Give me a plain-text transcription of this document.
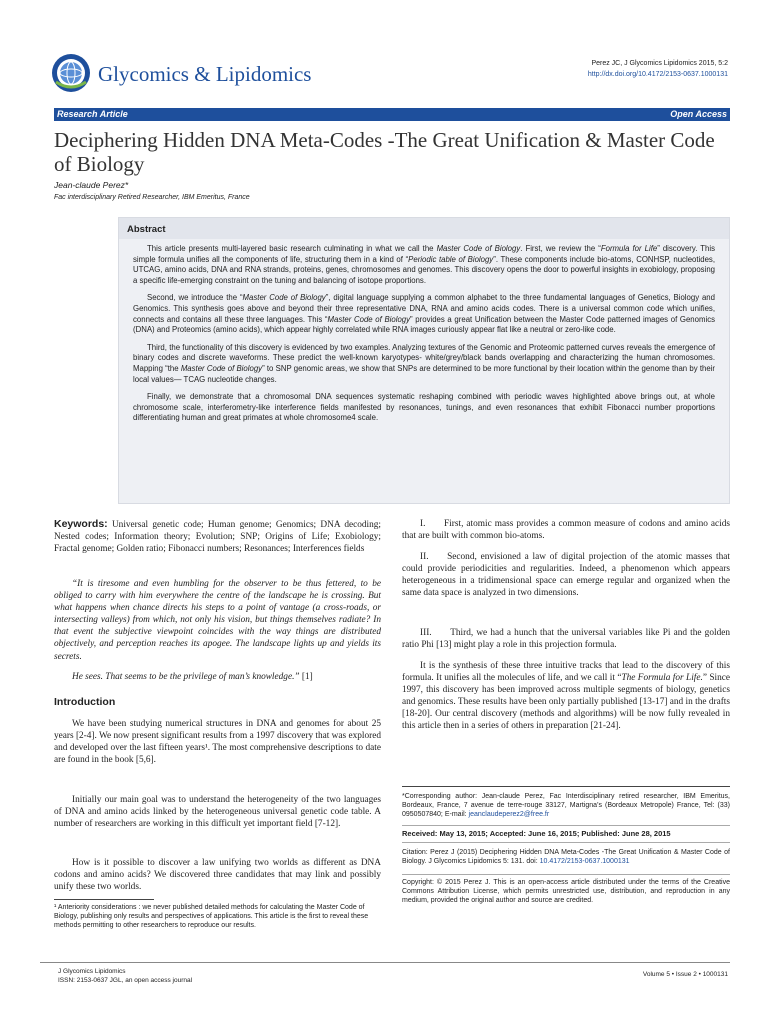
Glycomics & Lipidomics	Perez JC, J Glycomics Lipidomics 2015, 5:2
http://dx.doi.org/10.4172/2153-0637.1000131
Research Article	Open Access
Deciphering Hidden DNA Meta-Codes -The Great Unification & Master Code of Biology
Jean-claude Perez*
Fac interdisciplinary Retired Researcher, IBM Emeritus, France
Abstract

This article presents multi-layered basic research culminating in what we call the Master Code of Biology. First, we review the “Formula for Life” discovery. This simple formula unifies all the components of life, structuring them in a kind of “Periodic table of Biology”. These components include bio-atoms, CONHSP, nucleotides, UTCAG, amino acids, DNA and RNA strands, proteins, genes, chromosomes and genomes. This discovery opens the door to powerful insights in exobiology, proposing a specific life-emerging constraint on the tuning and balancing of isotope proportions.

Second, we introduce the “Master Code of Biology”, digital language supplying a common alphabet to the three fundamental languages of Genetics, Biology and Genomics. This synthesis goes above and beyond their three representative DNA, RNA and amino acids codes. There is a universal common code which unifies, connects and contains all these three languages. This “Master Code of Biology” provides a great Unification between the Master Code patterned images of Genomics (DNA) and Proteomics (amino acids), which appear highly correlated while RNA images curiously appear flat like a neutral or zero-like code.

Third, the functionality of this discovery is evidenced by two examples. Analyzing textures of the Genomic and Proteomic patterned curves reveals the emergence of binary codes and discrete waveforms. These predict the well-known karyotypes- white/grey/black bands overlapping and characterizing the human chromosomes. Mapping “the Master Code of Biology” to SNP genomic areas, we show that SNPs are determined to be more functional by their location within the genome than by their local values— TCAG nucleotide changes.

Finally, we demonstrate that a chromosomal DNA sequences systematic reshaping combined with periodic waves highlighted above brings out, at whole chromosome scale, interferometry-like interference fields manifested by resonances, tunings, and even resonances that exhibit Fibonacci number proportions differentiating human and great primates at whole chromosome4 scale.

Keywords: Universal genetic code; Human genome; Genomics; DNA decoding; Nested codes; Information theory; Evolution; SNP; Origins of Life; Exobiology; Fractal genome; Golden ratio; Fibonacci numbers; Resonances; Interferences fields

“It is tiresome and even humbling for the observer to be thus fettered, to be obliged to carry with him everywhere the centre of the landscape he is crossing. But what happens when chance directs his steps to a point of vantage (a cross-roads, or intersecting valleys) from which, not only his vision, but things themselves radiate? In that event the subjective viewpoint coincides with the way things are distributed objectively, and perception reaches its apogee. The landscape lights up and yields its secrets.

He sees. That seems to be the privilege of man’s knowledge.” [1]

Introduction

We have been studying numerical structures in DNA and genomes for about 25 years [2-4]. We now present significant results from a 1997 discovery that was explored and developed over the last fifteen years¹. The most comprehensive descriptions to date are found in the book [5,6].

Initially our main goal was to understand the heterogeneity of the two languages of DNA and amino acids linked by the heterogeneous universal genetic code table. A number of researchers are working in this difficult yet important field [7-12].

How is it possible to discover a law unifying two worlds as different as DNA codons and amino acids? We discovered three candidates that may link and possibly unify these two worlds.

¹ Anteriority considerations : we never published detailed methods for calculating the Master Code of Biology, publishing only results and perspectives of applications. This article is the first to reveal these methods permitting to other researchers to reproduce our results.

I.  First, atomic mass provides a common measure of codons and amino acids that are built with common bio-atoms.

II.  Second, envisioned a law of digital projection of the atomic masses that could provide periodicities and regularities. Indeed, a phenomenon which appears heterogeneous in a tridimensional space can emerge regular and organized when the same data space is analyzed in two dimensions.

III.  Third, we had a hunch that the universal variables like Pi and the golden ratio Phi [13] might play a role in this projection formula.

It is the synthesis of these three intuitive tracks that lead to the discovery of this formula. It unifies all the molecules of life, and we call it “The Formula for Life.” Since 1997, this discovery has been improved across multiple segments of biology, genetics and genomics. These results have been only partially published [13-17] and in the drafts [18-20]. Our central discovery (methods and algorithms) will be now fully revealed in this article then in a series of others in preparation [21-24].

*Corresponding author: Jean-claude Perez, Fac Interdisciplinary retired researcher, IBM Emeritus, Bordeaux, France, 7 avenue de terre-rouge 33127, Martigna’s (Bordeaux Metropole) France, Tel: (33) 0950507840; E-mail: jeanclaudeperez2@free.fr
Received: May 13, 2015; Accepted: June 16, 2015; Published: June 28, 2015
Citation: Perez J (2015) Deciphering Hidden DNA Meta-Codes -The Great Unification & Master Code of Biology. J Glycomics Lipidomics 5: 131. doi: 10.4172/2153-0637.1000131
Copyright: © 2015 Perez J. This is an open-access article distributed under the terms of the Creative Commons Attribution License, which permits unrestricted use, distribution, and reproduction in any medium, provided the original author and source are credited.
J Glycomics Lipidomics
ISSN: 2153-0637 JGL, an open access journal
Volume 5 • Issue 2 • 1000131
